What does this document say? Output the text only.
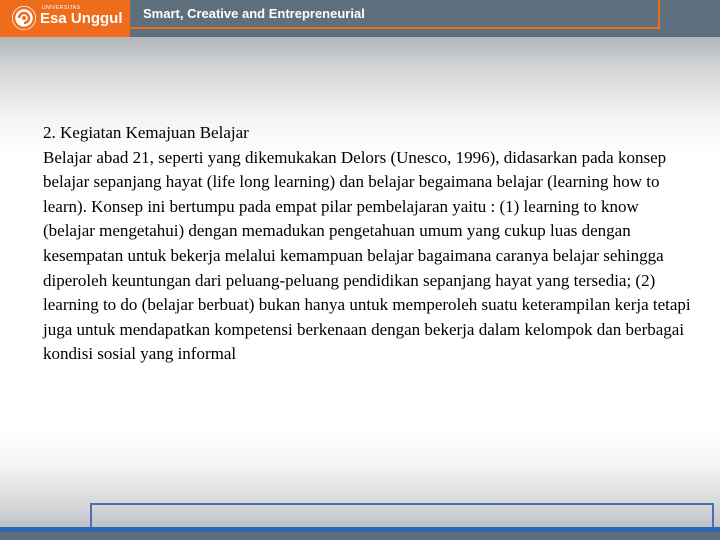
UNIVERSITAS
Esa Unggul Smart, Creative and Entrepreneurial

2. Kegiatan Kemajuan Belajar

Belajar abad 21, seperti yang dikemukakan Delors (Unesco, 1996), didasarkan pada konsep belajar sepanjang hayat (life long learning) dan belajar begaimana belajar (learning how to learn). Konsep ini bertumpu pada empat pilar pembelajaran yaitu : (1) learning to know (belajar mengetahui) dengan memadukan pengetahuan umum yang cukup luas dengan kesempatan untuk bekerja melalui kemampuan belajar bagaimana caranya belajar sehingga diperoleh keuntungan dari peluang-peluang pendidikan sepanjang hayat yang tersedia; (2) learning to do (belajar berbuat) bukan hanya untuk memperoleh suatu keterampilan kerja tetapi juga untuk mendapatkan kompetensi berkenaan dengan bekerja dalam kelompok dan berbagai kondisi sosial yang informal
